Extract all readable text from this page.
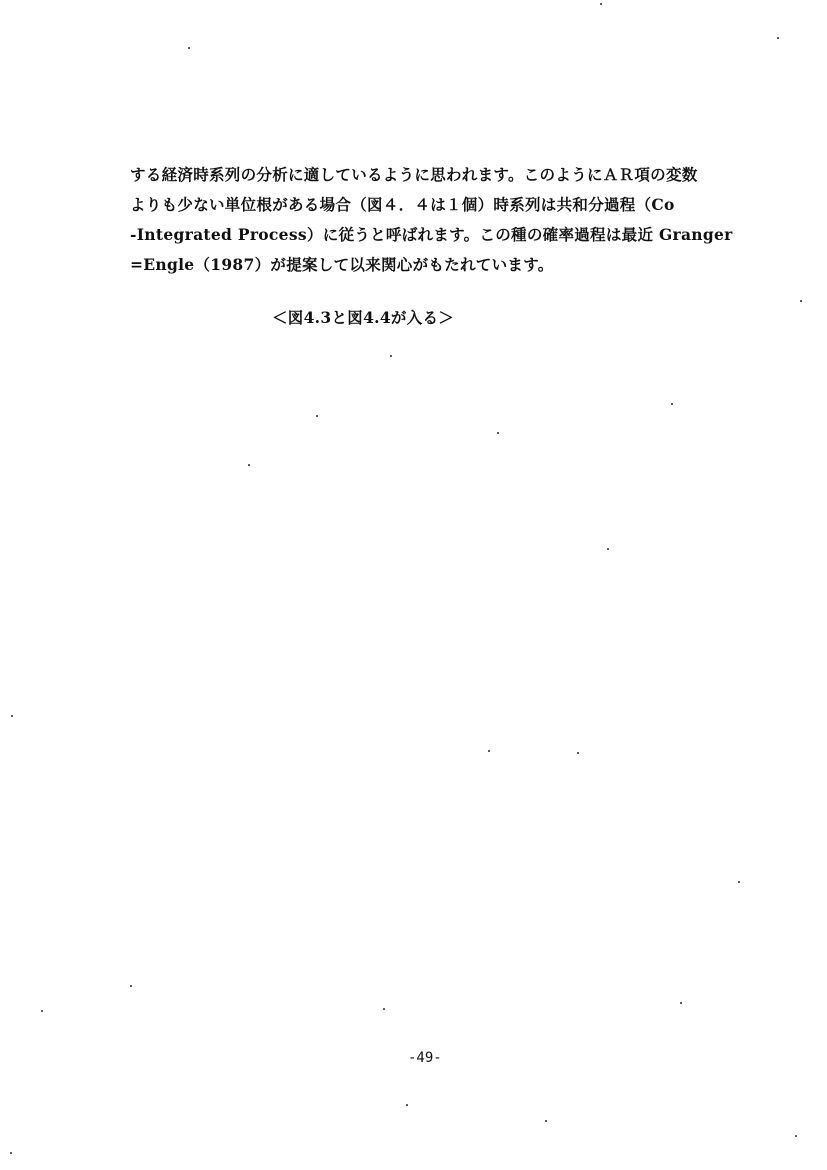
する経済時系列の分析に適しているように思われます。このようにＡＲ項の変数
よりも少ない単位根がある場合（図４．４は１個）時系列は共和分過程（Co
-Integrated Process）に従うと呼ばれます。この種の確率過程は最近 Granger
=Engle（1987）が提案して以来関心がもたれています。
＜図4.3と図4.4が入る＞
-49-
